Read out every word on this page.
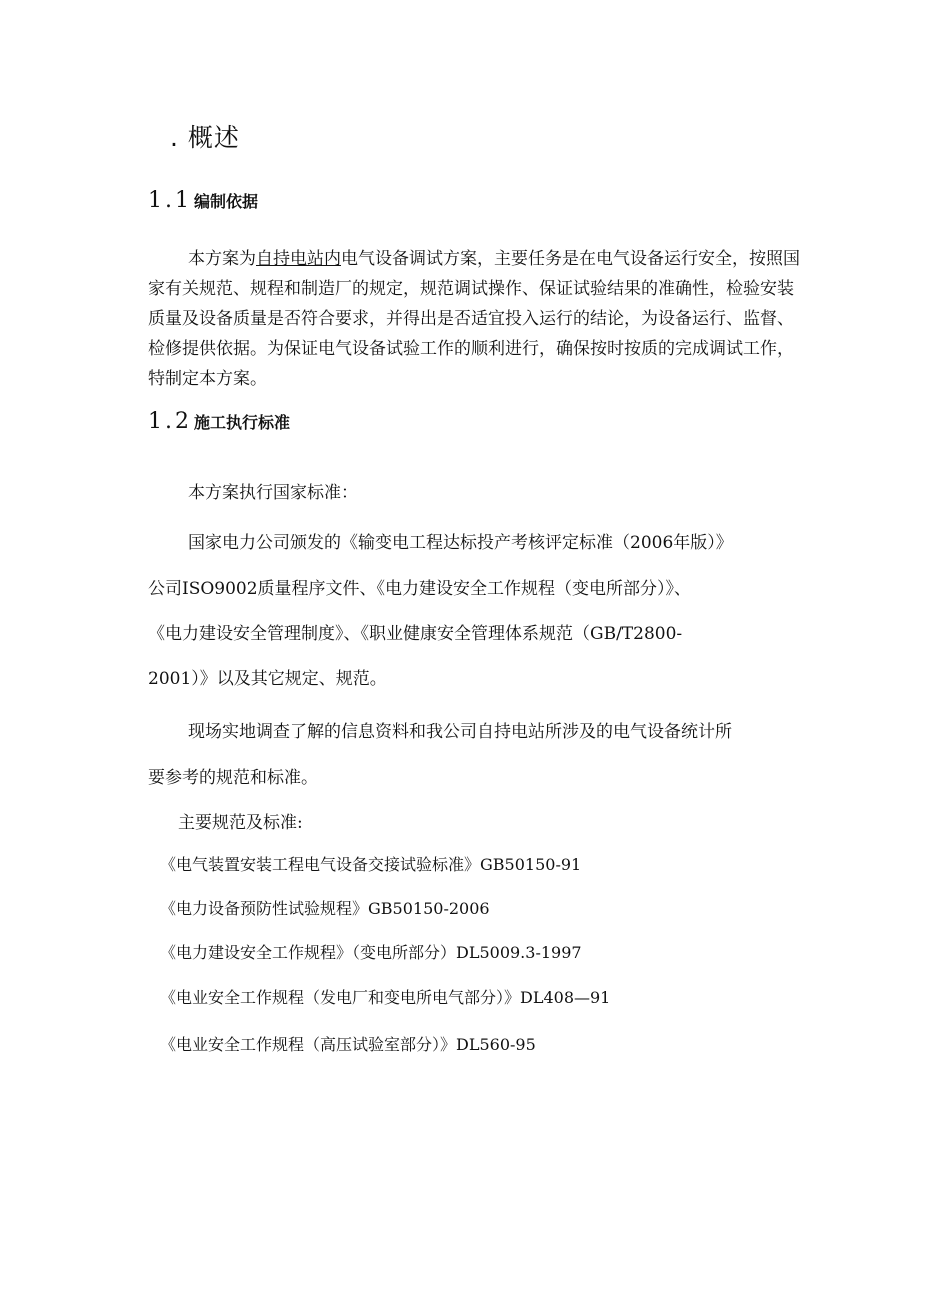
. 概述
1.1 编制依据
本方案为自持电站内电气设备调试方案，主要任务是在电气设备运行安全，按照国家有关规范、规程和制造厂的规定，规范调试操作、保证试验结果的准确性，检验安装质量及设备质量是否符合要求，并得出是否适宜投入运行的结论，为设备运行、监督、检修提供依据。为保证电气设备试验工作的顺利进行，确保按时按质的完成调试工作，特制定本方案。
1.2 施工执行标准
本方案执行国家标准：
国家电力公司颁发的《输变电工程达标投产考核评定标准（2006年版）》
公司ISO9002质量程序文件、《电力建设安全工作规程（变电所部分）》、
《电力建设安全管理制度》、《职业健康安全管理体系规范（GB/T2800-
2001）》以及其它规定、规范。
现场实地调查了解的信息资料和我公司自持电站所涉及的电气设备统计所
要参考的规范和标准。
主要规范及标准:
《电气装置安装工程电气设备交接试验标准》GB50150-91
《电力设备预防性试验规程》GB50150-2006
《电力建设安全工作规程》（变电所部分）DL5009.3-1997
《电业安全工作规程（发电厂和变电所电气部分）》DL408—91
《电业安全工作规程（高压试验室部分）》DL560-95
